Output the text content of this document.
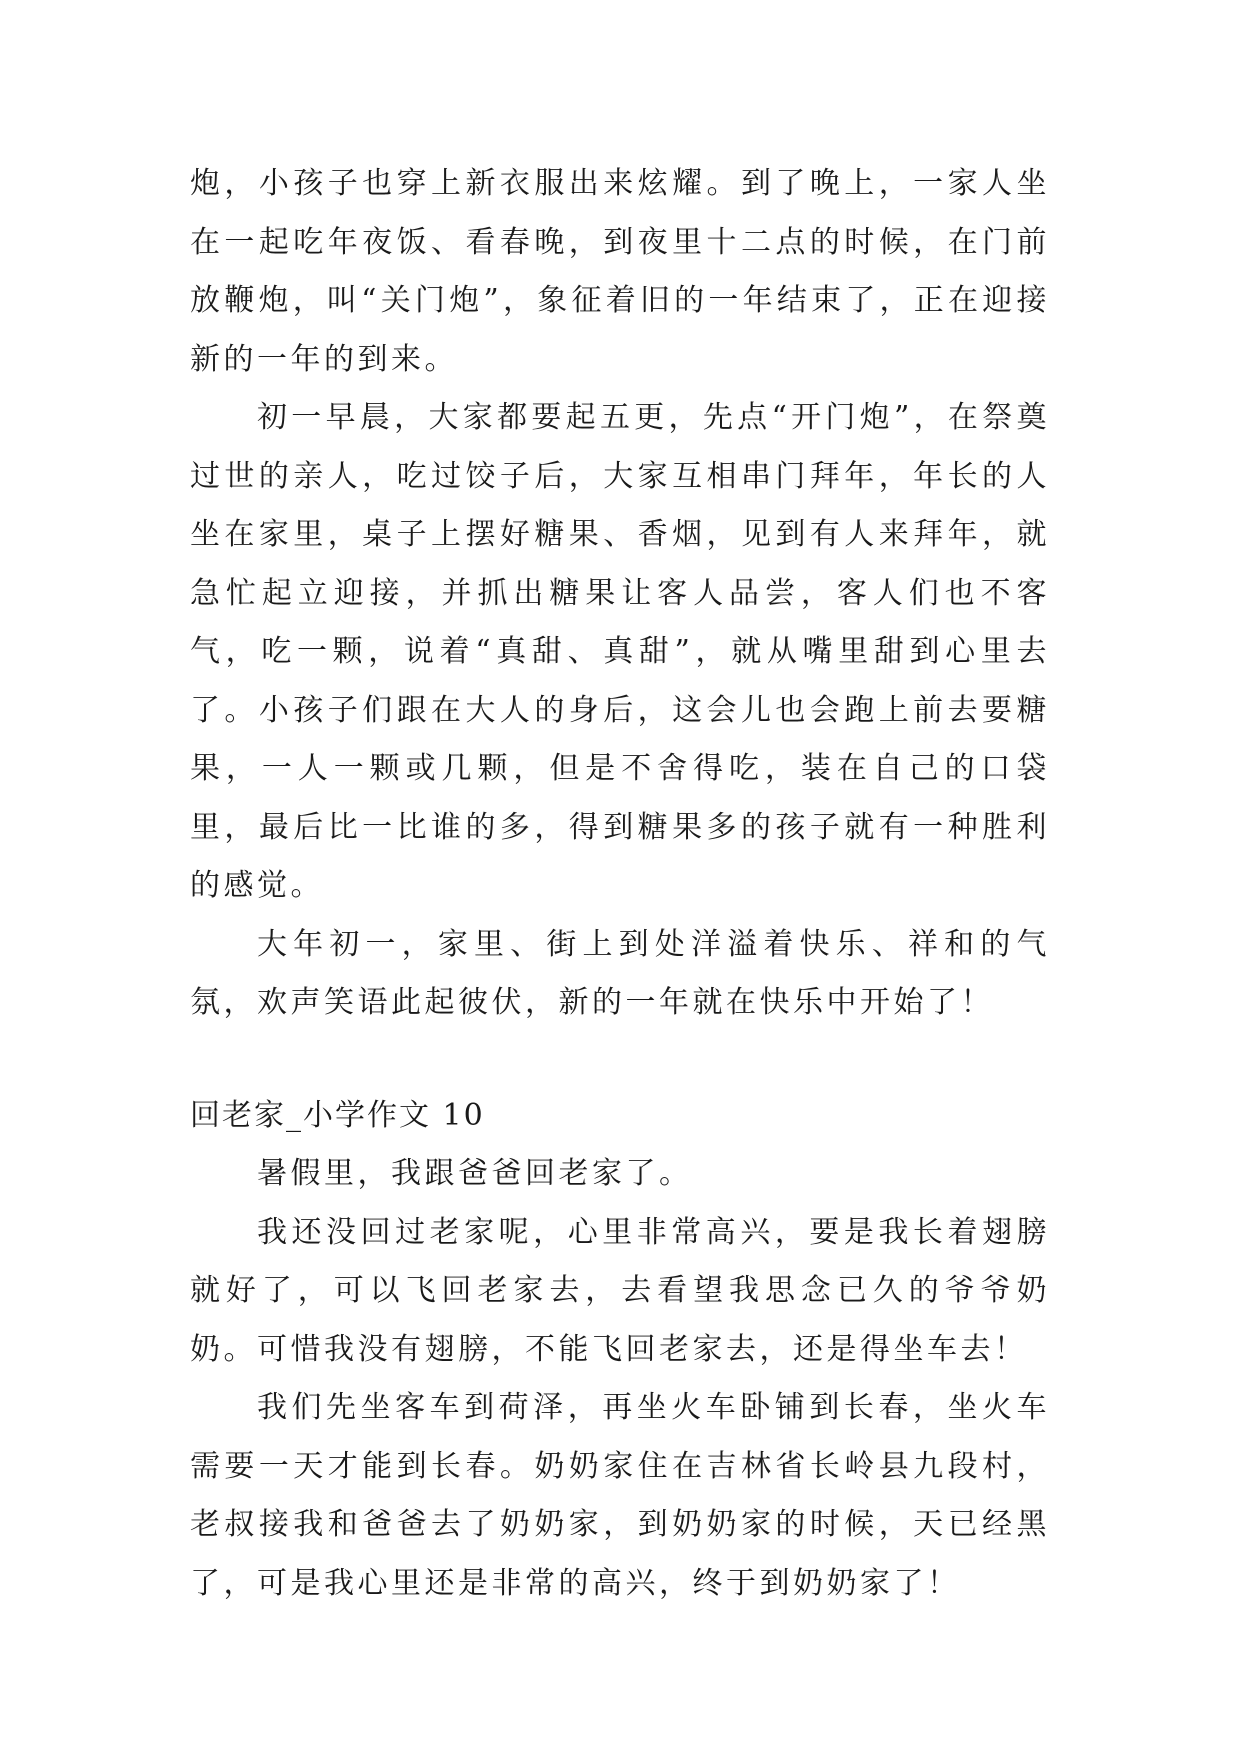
炮，小孩子也穿上新衣服出来炫耀。到了晚上，一家人坐在一起吃年夜饭、看春晚，到夜里十二点的时候，在门前放鞭炮，叫“关门炮”，象征着旧的一年结束了，正在迎接新的一年的到来。

初一早晨，大家都要起五更，先点“开门炮”，在祭奠过世的亲人，吃过饺子后，大家互相串门拜年，年长的人坐在家里，桌子上摆好糖果、香烟，见到有人来拜年，就急忙起立迎接，并抓出糖果让客人品尝，客人们也不客气，吃一颗，说着“真甜、真甜”，就从嘴里甜到心里去了。小孩子们跟在大人的身后，这会儿也会跑上前去要糖果，一人一颗或几颗，但是不舍得吃，装在自己的口袋里，最后比一比谁的多，得到糖果多的孩子就有一种胜利的感觉。

大年初一，家里、街上到处洋溢着快乐、祥和的气氛，欢声笑语此起彼伏，新的一年就在快乐中开始了！

回老家_小学作文 10

暑假里，我跟爸爸回老家了。

我还没回过老家呢，心里非常高兴，要是我长着翅膀就好了，可以飞回老家去，去看望我思念已久的爷爷奶奶。可惜我没有翅膀，不能飞回老家去，还是得坐车去！

我们先坐客车到荷泽，再坐火车卧铺到长春，坐火车需要一天才能到长春。奶奶家住在吉林省长岭县九段村，老叔接我和爸爸去了奶奶家，到奶奶家的时候，天已经黑了，可是我心里还是非常的高兴，终于到奶奶家了！
